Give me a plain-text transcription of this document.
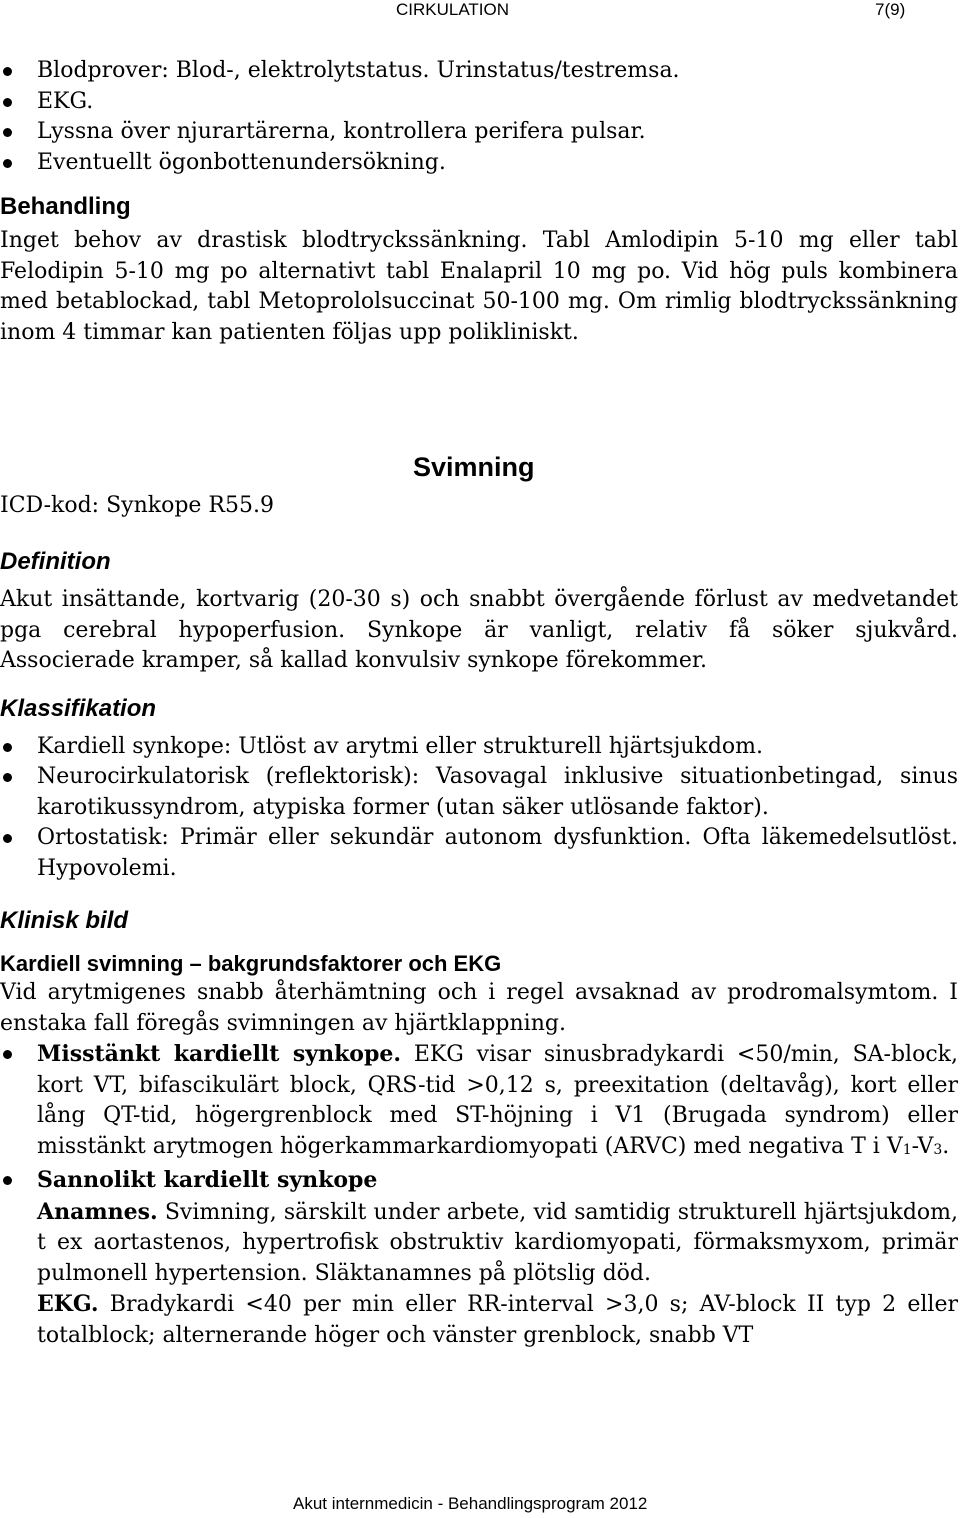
CIRKULATION	7(9)
Blodprover: Blod-, elektrolytstatus. Urinstatus/testremsa.
EKG.
Lyssna över njurartärerna, kontrollera perifera pulsar.
Eventuellt ögonbottenundersökning.

Behandling

Inget behov av drastisk blodtryckssänkning. Tabl Amlodipin 5-10 mg eller tabl Felodipin 5-10 mg po alternativt tabl Enalapril 10 mg po. Vid hög puls kombinera med betablockad, tabl Metoprololsuccinat 50-100 mg. Om rimlig blodtryckssänkning inom 4 timmar kan patienten följas upp polikliniskt.

Svimning
ICD-kod: Synkope R55.9

Definition

Akut insättande, kortvarig (20-30 s) och snabbt övergående förlust av medvetandet pga cerebral hypoperfusion. Synkope är vanligt, relativ få söker sjukvård. Associerade kramper, så kallad konvulsiv synkope förekommer.

Klassifikation

Kardiell synkope: Utlöst av arytmi eller strukturell hjärtsjukdom.
Neurocirkulatorisk (reflektorisk): Vasovagal inklusive situationbetingad, sinus karotikussyndrom, atypiska former (utan säker utlösande faktor).
Ortostatisk: Primär eller sekundär autonom dysfunktion. Ofta läkemedelsutlöst. Hypovolemi.

Klinisk bild

Kardiell svimning – bakgrundsfaktorer och EKG

Vid arytmigenes snabb återhämtning och i regel avsaknad av prodromalsymtom. I enstaka fall föregås svimningen av hjärtklappning.

Misstänkt kardiellt synkope. EKG visar sinusbradykardi <50/min, SA-block, kort VT, bifascikulärt block, QRS-tid >0,12 s, preexitation (deltavåg), kort eller lång QT-tid, högergrenblock med ST-höjning i V1 (Brugada syndrom) eller misstänkt arytmogen högerkammarkardiomyopati (ARVC) med negativa T i $V_1-V_3$.
Sannolikt kardiellt synkope
Anamnes. Svimning, särskilt under arbete, vid samtidig strukturell hjärtsjukdom, t ex aortastenos, hypertrofisk obstruktiv kardiomyopati, förmaksmyxom, primär pulmonell hypertension. Släktanamnes på plötslig död.
EKG. Bradykardi <40 per min eller RR-interval >3,0 s; AV-block II typ 2 eller totalblock; alternerande höger och vänster grenblock, snabb VT
Akut internmedicin - Behandlingsprogram 2012
